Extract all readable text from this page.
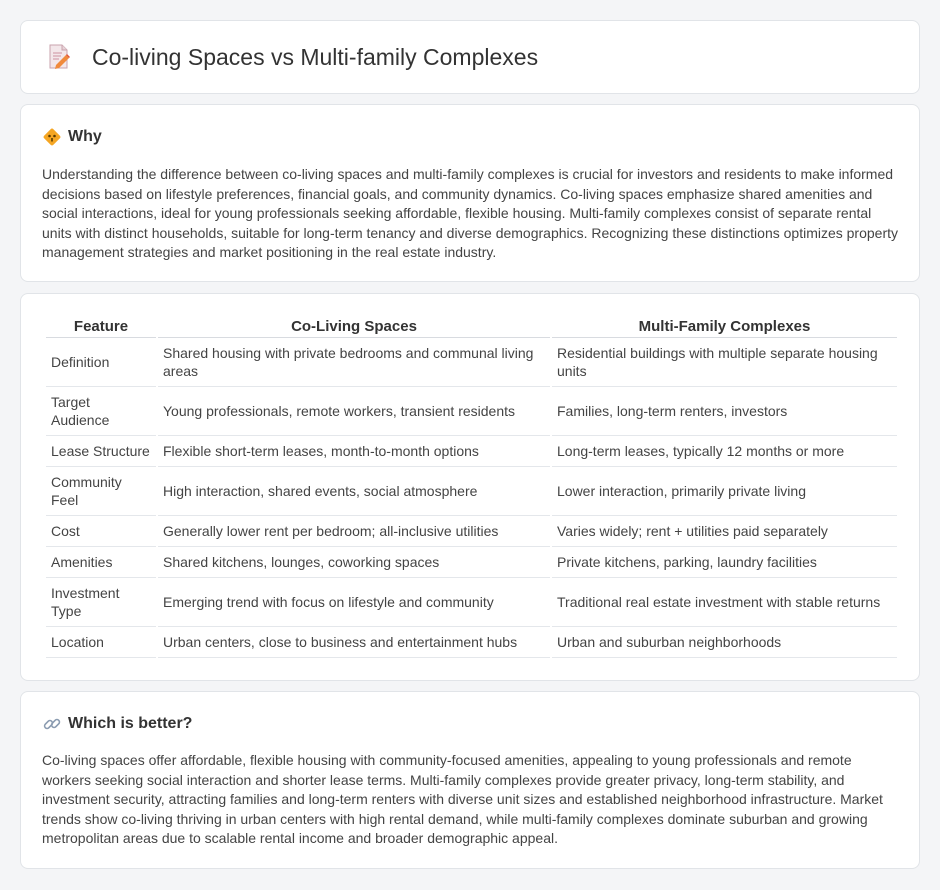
Co-living Spaces vs Multi-family Complexes
Why

Understanding the difference between co-living spaces and multi-family complexes is crucial for investors and residents to make informed decisions based on lifestyle preferences, financial goals, and community dynamics. Co-living spaces emphasize shared amenities and social interactions, ideal for young professionals seeking affordable, flexible housing. Multi-family complexes consist of separate rental units with distinct households, suitable for long-term tenancy and diverse demographics. Recognizing these distinctions optimizes property management strategies and market positioning in the real estate industry.

Feature	Co-Living Spaces	Multi-Family Complexes
Definition	Shared housing with private bedrooms and communal living areas	Residential buildings with multiple separate housing units
Target Audience	Young professionals, remote workers, transient residents	Families, long-term renters, investors
Lease Structure	Flexible short-term leases, month-to-month options	Long-term leases, typically 12 months or more
Community Feel	High interaction, shared events, social atmosphere	Lower interaction, primarily private living
Cost	Generally lower rent per bedroom; all-inclusive utilities	Varies widely; rent + utilities paid separately
Amenities	Shared kitchens, lounges, coworking spaces	Private kitchens, parking, laundry facilities
Investment Type	Emerging trend with focus on lifestyle and community	Traditional real estate investment with stable returns
Location	Urban centers, close to business and entertainment hubs	Urban and suburban neighborhoods
Which is better?

Co-living spaces offer affordable, flexible housing with community-focused amenities, appealing to young professionals and remote workers seeking social interaction and shorter lease terms. Multi-family complexes provide greater privacy, long-term stability, and investment security, attracting families and long-term renters with diverse unit sizes and established neighborhood infrastructure. Market trends show co-living thriving in urban centers with high rental demand, while multi-family complexes dominate suburban and growing metropolitan areas due to scalable rental income and broader demographic appeal.
